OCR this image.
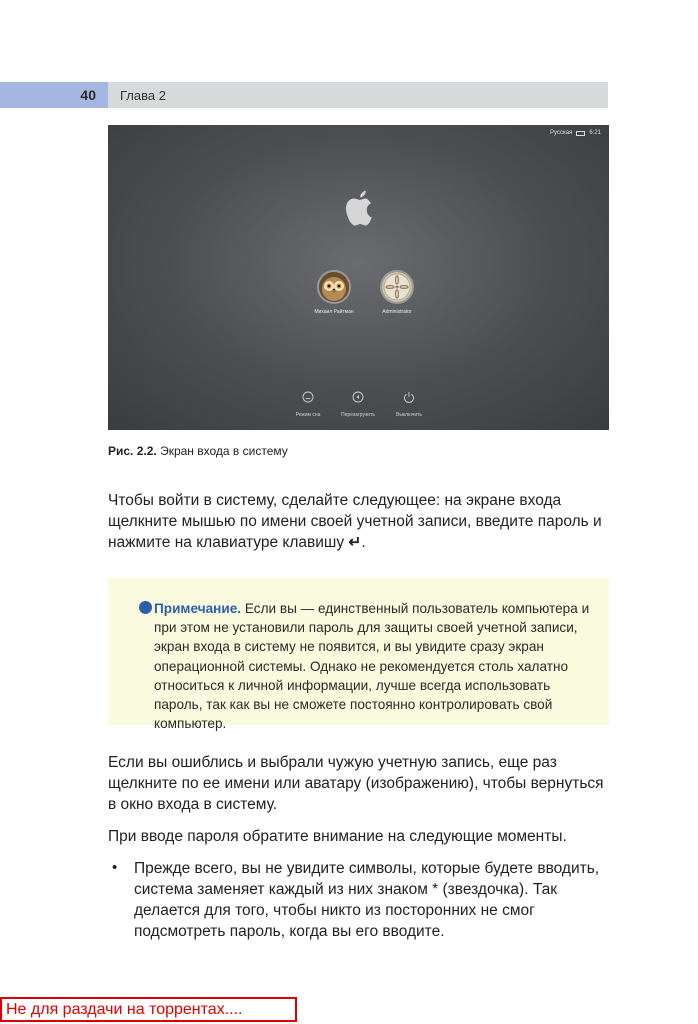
40	Глава 2
Русская	6:21
Михаил Райтман	Administrator
Режим сна	Перезагрузить	Выключить
Рис. 2.2. Экран входа в систему

Чтобы войти в систему, сделайте следующее: на экране входа щелкните мышью по имени своей учетной записи, введите пароль и нажмите на клавиатуре клавишу ↵.

Примечание. Если вы — единственный пользователь компьютера и при этом не установили пароль для защиты своей учетной записи, экран входа в систему не появится, и вы увидите сразу экран операционной системы. Однако не рекомендуется столь халатно относиться к личной информации, лучше всегда использовать пароль, так как вы не сможете постоянно контролировать свой компьютер.

Если вы ошиблись и выбрали чужую учетную запись, еще раз щелкните по ее имени или аватару (изображению), чтобы вернуться в окно входа в систему.

При вводе пароля обратите внимание на следующие моменты.

• Прежде всего, вы не увидите символы, которые будете вводить, система заменяет каждый из них знаком * (звездочка). Так делается для того, чтобы никто из посторонних не смог подсмотреть пароль, когда вы его вводите.

Не для раздачи на торрентах....
